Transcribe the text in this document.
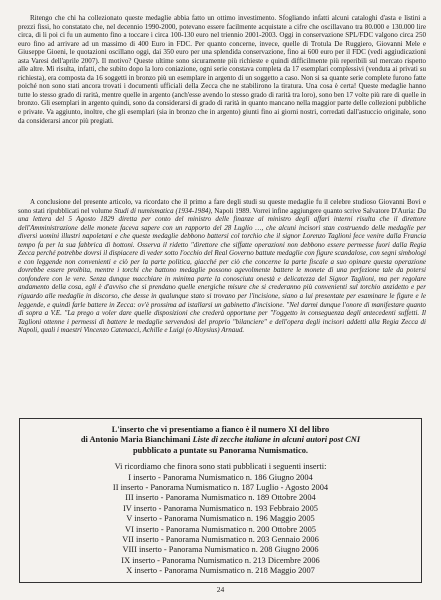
Ritengo che chi ha collezionato queste medaglie abbia fatto un ottimo investimento. Sfogliando infatti alcuni cataloghi d'asta e listini a prezzi fissi, ho constatato che, nel decennio 1990-2000, potevano essere facilmente acquistate a cifre che oscillavano tra 80.000 e 130.000 lire circa, di li poi ci fu un aumento fino a toccare i circa 100-130 euro nel triennio 2001-2003. Oggi in conservazione SPL/FDC valgono circa 250 euro fino ad arrivare ad un massimo di 400 Euro in FDC. Per quanto concerne, invece, quelle di Trotula De Ruggiero, Giovanni Mele e Giuseppe Gioeni, le quotazioni oscillano oggi, dai 350 euro per una splendida conservazione, fino ai 600 euro per il FDC (vedi aggiudicazioni asta Varesi dell'aprile 2007). Il motivo? Queste ultime sono sicuramente più richieste e quindi difficilmente più reperibili sul mercato rispetto alle altre. Mi risulta, infatti, che subito dopo la loro coniazione, ogni serie constava completa da 17 esemplari complessivi (venduta ai privati su richiesta), era composta da 16 soggetti in bronzo più un esemplare in argento di un soggetto a caso. Non si sa quante serie complete furono fatte poiché non sono stati ancora trovati i documenti ufficiali della Zecca che ne stabilirono la tiratura. Una cosa è certa! Queste medaglie hanno tutte lo stesso grado di rarità, mentre quelle in argento (anch'esse avendo lo stesso grado di rarità tra loro), sono ben 17 volte più rare di quelle in bronzo. Gli esemplari in argento quindi, sono da considerarsi di grado di rarità in quanto mancano nella maggior parte delle collezioni pubbliche e private. Va aggiunto, inoltre, che gli esemplari (sia in bronzo che in argento) giunti fino ai giorni nostri, corredati dall'astuccio originale, sono da considerarsi ancor più pregiati.

A conclusione del presente articolo, va ricordato che il primo a fare degli studi su queste medaglie fu il celebre studioso Giovanni Bovi e sono stati ripubblicati nel volume Studi di numismatica (1934-1984), Napoli 1989. Vorrei infine aggiungere quanto scrive Salvatore D'Auria: Da una lettera del 5 Agosto 1829 diretta per conto del ministro delle finanze al ministro degli affari interni risulta che il direttore dell'Amministrazione delle monete faceva sapere con un rapporto del 28 Luglio …, che alcuni incisori stan costruendo delle medaglie per diversi uomini illustri napoletani e che queste medaglie debbono battersi col torchio che il signor Lorenzo Taglioni fece venire dalla Francia tempo fa per la sua fabbrica di bottoni. Osserva il ridetto "direttore che siffatte operazioni non debbono essere permesse fuori dalla Regia Zecca perché potrebbe dovrsi il dispiacere di veder sotto l'occhio del Real Governo battute medaglie con figure scandalose, con segni simbologi e con leggende non convenienti e ciò per la parte politica, giacché per ciò che concerne la parte fiscale a suo opinare questa operazione dovrebbe essere proibita, mentre i torchi che battono medaglie possono agevolmente battere le monete di una perfezione tale da potersi confondere con le vere. Senza dunque macchiare in minima parte la conosciuta onestà e delicatezza del Signor Taglioni, ma per regolare andamento della cosa, egli è d'avviso che si prendano quelle energiche misure che si crederanno più convenienti sul torchio anzidetto e per riguardo alle medaglie in discorso, che desse in qualunque stato si trovano per l'incisione, siano a lui presentate per esaminare le figure e le leggende, e quindi farle battere in Zecca: ov'è prossima ad istallarsi un gabinetto d'incisione. "Nel darmi dunque l'onore di manifestare quanto di sopra a V.E. "La prego a voler dare quelle disposizioni che crederà opportune per "l'oggetto in conseguenza degli antecedenti suffetti. Il Taglioni ottenne i permessi di battere le medaglie servendosi del proprio "bilanciere" e dell'opera degli incisori addetti alla Regia Zecca di Napoli, quali i maestri Vincenzo Catenacci, Achille e Luigi (o Aloysius) Arnaud.

L'inserto che vi presentiamo a fianco è il numero XI del libro
di Antonio Maria Bianchimani Liste di zecche italiane in alcuni autori post CNI
pubblicato a puntate su Panorama Numismatico.
Vi ricordiamo che finora sono stati pubblicati i seguenti inserti:
I inserto - Panorama Numismatico n. 186 Giugno 2004
II inserto - Panorama Numismatico n. 187 Luglio - Agosto 2004
III inserto - Panorama Numismatico n. 189 Ottobre 2004
IV inserto - Panorama Numismatico n. 193 Febbraio 2005
V inserto - Panorama Numismatico n. 196 Maggio 2005
VI inserto - Panorama Numismatico n. 200 Ottobre 2005
VII inserto - Panorama Numismatico n. 203 Gennaio 2006
VIII inserto - Panorama Numismatico n. 208 Giugno 2006
IX inserto - Panorama Numismatico n. 213 Dicembre 2006
X inserto - Panorama Numismatico n. 218 Maggio 2007
24
